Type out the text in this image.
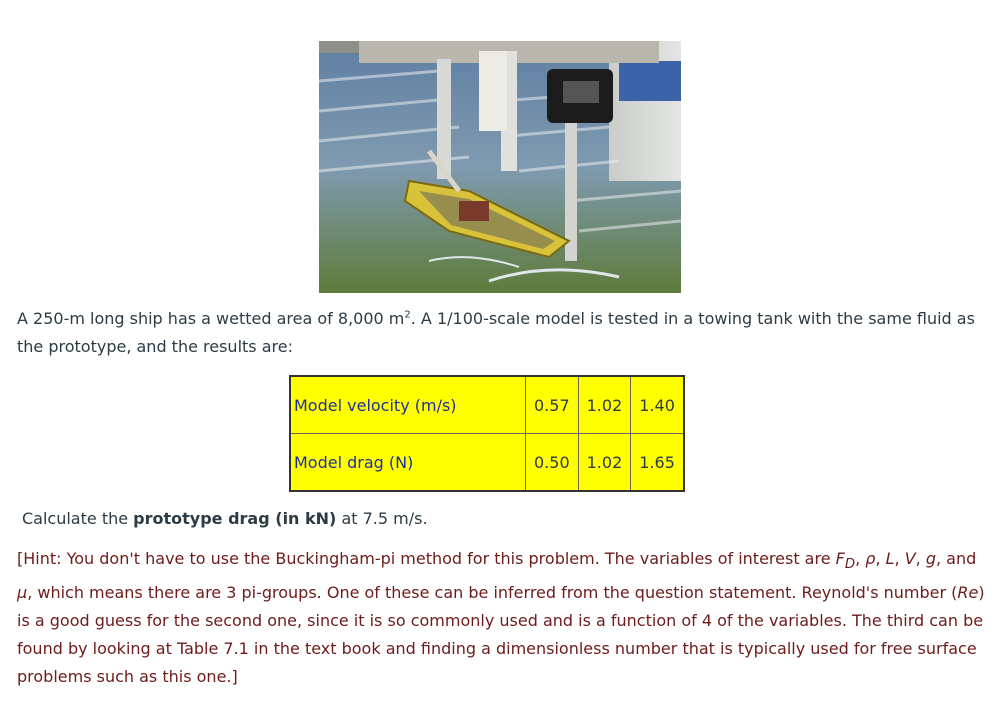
A 250-m long ship has a wetted area of 8,000 $m^2$. A 1/100-scale model is tested in a towing tank with the same fluid as the prototype, and the results are:

Model velocity (m/s)	0.57	1.02	1.40
Model drag (N)	0.50	1.02	1.65

Calculate the prototype drag (in kN) at 7.5 m/s.

[Hint: You don't have to use the Buckingham-pi method for this problem. The variables of interest are $F_D$, ρ, L, V, g, and μ, which means there are 3 pi-groups. One of these can be inferred from the question statement. Reynold's number (Re) is a good guess for the second one, since it is so commonly used and is a function of 4 of the variables. The third can be found by looking at Table 7.1 in the text book and finding a dimensionless number that is typically used for free surface problems such as this one.]
